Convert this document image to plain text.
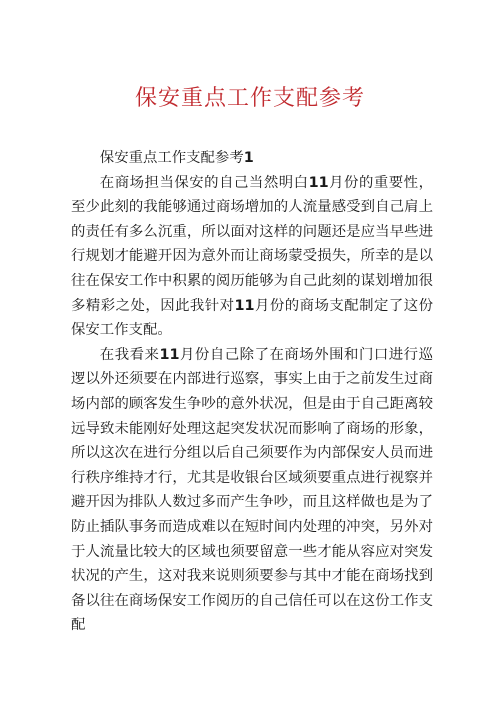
保安重点工作支配参考

保安重点工作支配参考1

在商场担当保安的自己当然明白11月份的重要性，至少此刻的我能够通过商场增加的人流量感受到自己肩上的责任有多么沉重，所以面对这样的问题还是应当早些进行规划才能避开因为意外而让商场蒙受损失，所幸的是以往在保安工作中积累的阅历能够为自己此刻的谋划增加很多精彩之处，因此我针对11月份的商场支配制定了这份保安工作支配。

在我看来11月份自己除了在商场外围和门口进行巡逻以外还须要在内部进行巡察，事实上由于之前发生过商场内部的顾客发生争吵的意外状况，但是由于自己距离较远导致未能刚好处理这起突发状况而影响了商场的形象，所以这次在进行分组以后自己须要作为内部保安人员而进行秩序维持才行，尤其是收银台区域须要重点进行视察并避开因为排队人数过多而产生争吵，而且这样做也是为了防止插队事务而造成难以在短时间内处理的冲突，另外对于人流量比较大的区域也须要留意一些才能从容应对突发状况的产生，这对我来说则须要参与其中才能在商场找到备以往在商场保安工作阅历的自己信任可以在这份工作支配
